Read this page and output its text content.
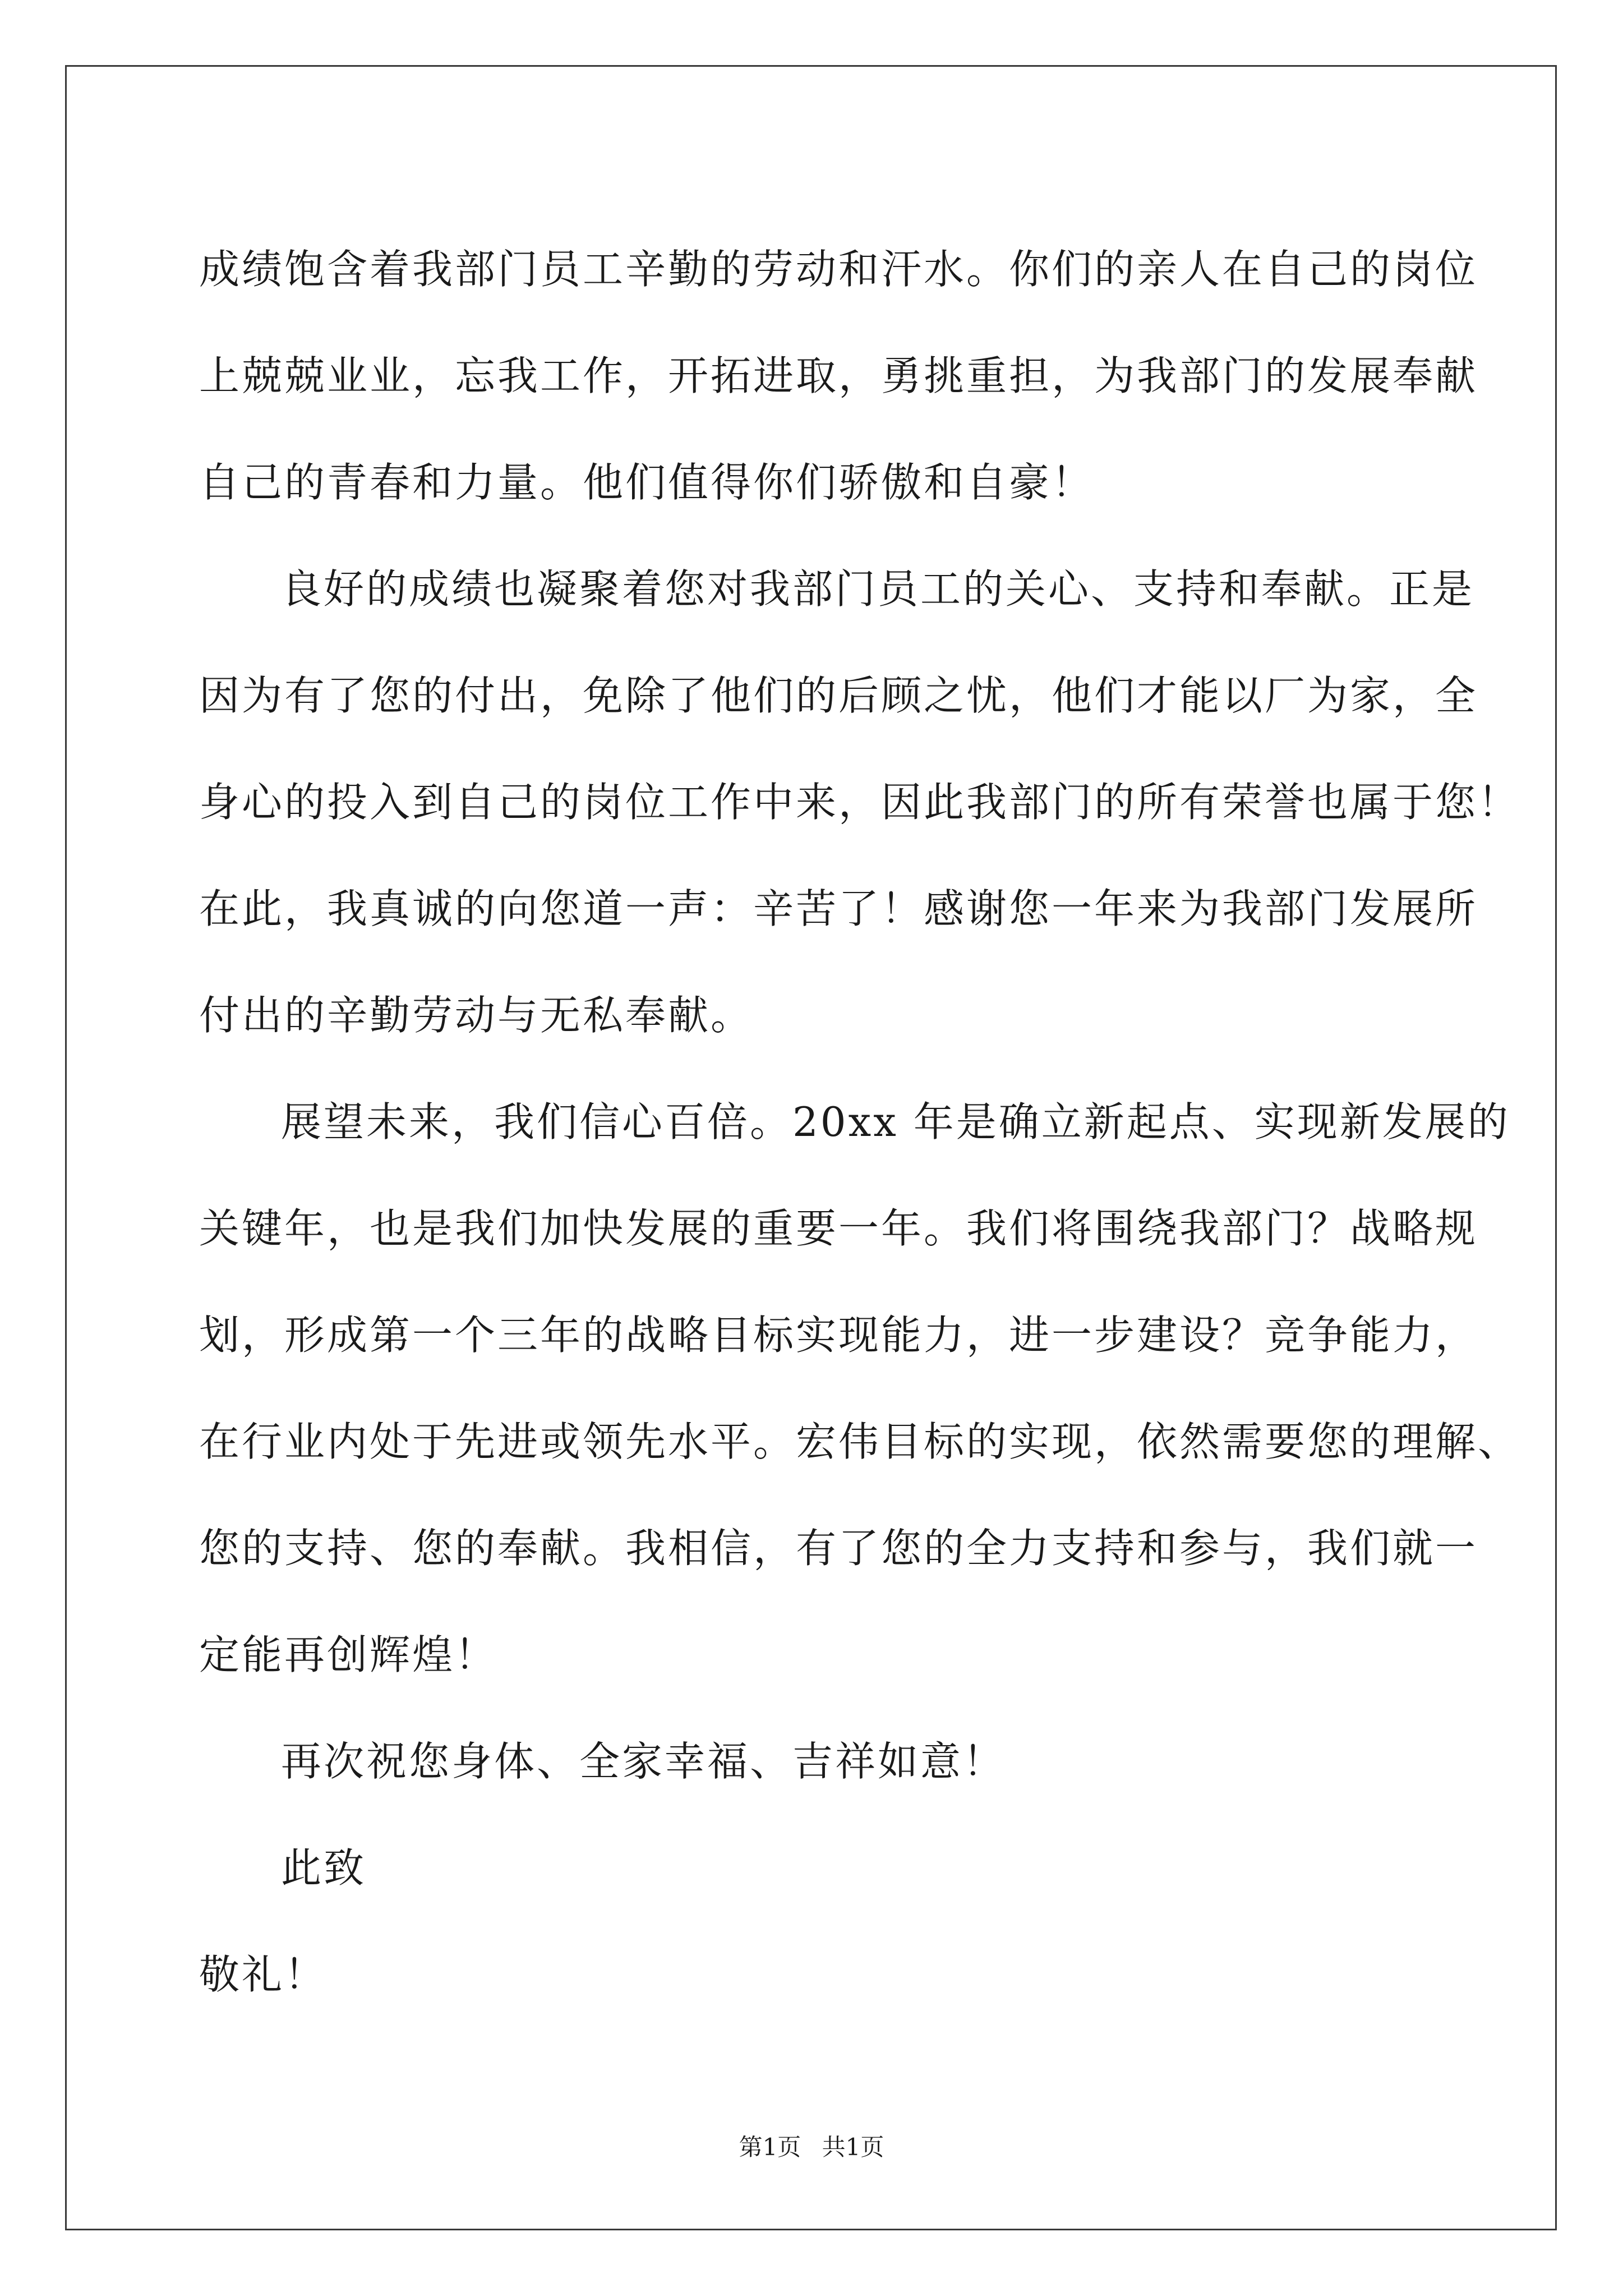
成绩饱含着我部门员工辛勤的劳动和汗水。你们的亲人在自己的岗位
上兢兢业业，忘我工作，开拓进取，勇挑重担，为我部门的发展奉献
自己的青春和力量。他们值得你们骄傲和自豪！
良好的成绩也凝聚着您对我部门员工的关心、支持和奉献。正是
因为有了您的付出，免除了他们的后顾之忧，他们才能以厂为家，全
身心的投入到自己的岗位工作中来，因此我部门的所有荣誉也属于您！
在此，我真诚的向您道一声：辛苦了！感谢您一年来为我部门发展所
付出的辛勤劳动与无私奉献。
展望未来，我们信心百倍。20xx 年是确立新起点、实现新发展的
关键年，也是我们加快发展的重要一年。我们将围绕我部门？战略规
划，形成第一个三年的战略目标实现能力，进一步建设？竞争能力，
在行业内处于先进或领先水平。宏伟目标的实现，依然需要您的理解、
您的支持、您的奉献。我相信，有了您的全力支持和参与，我们就一
定能再创辉煌！
再次祝您身体、全家幸福、吉祥如意！
此致
敬礼！
第1页 共1页
